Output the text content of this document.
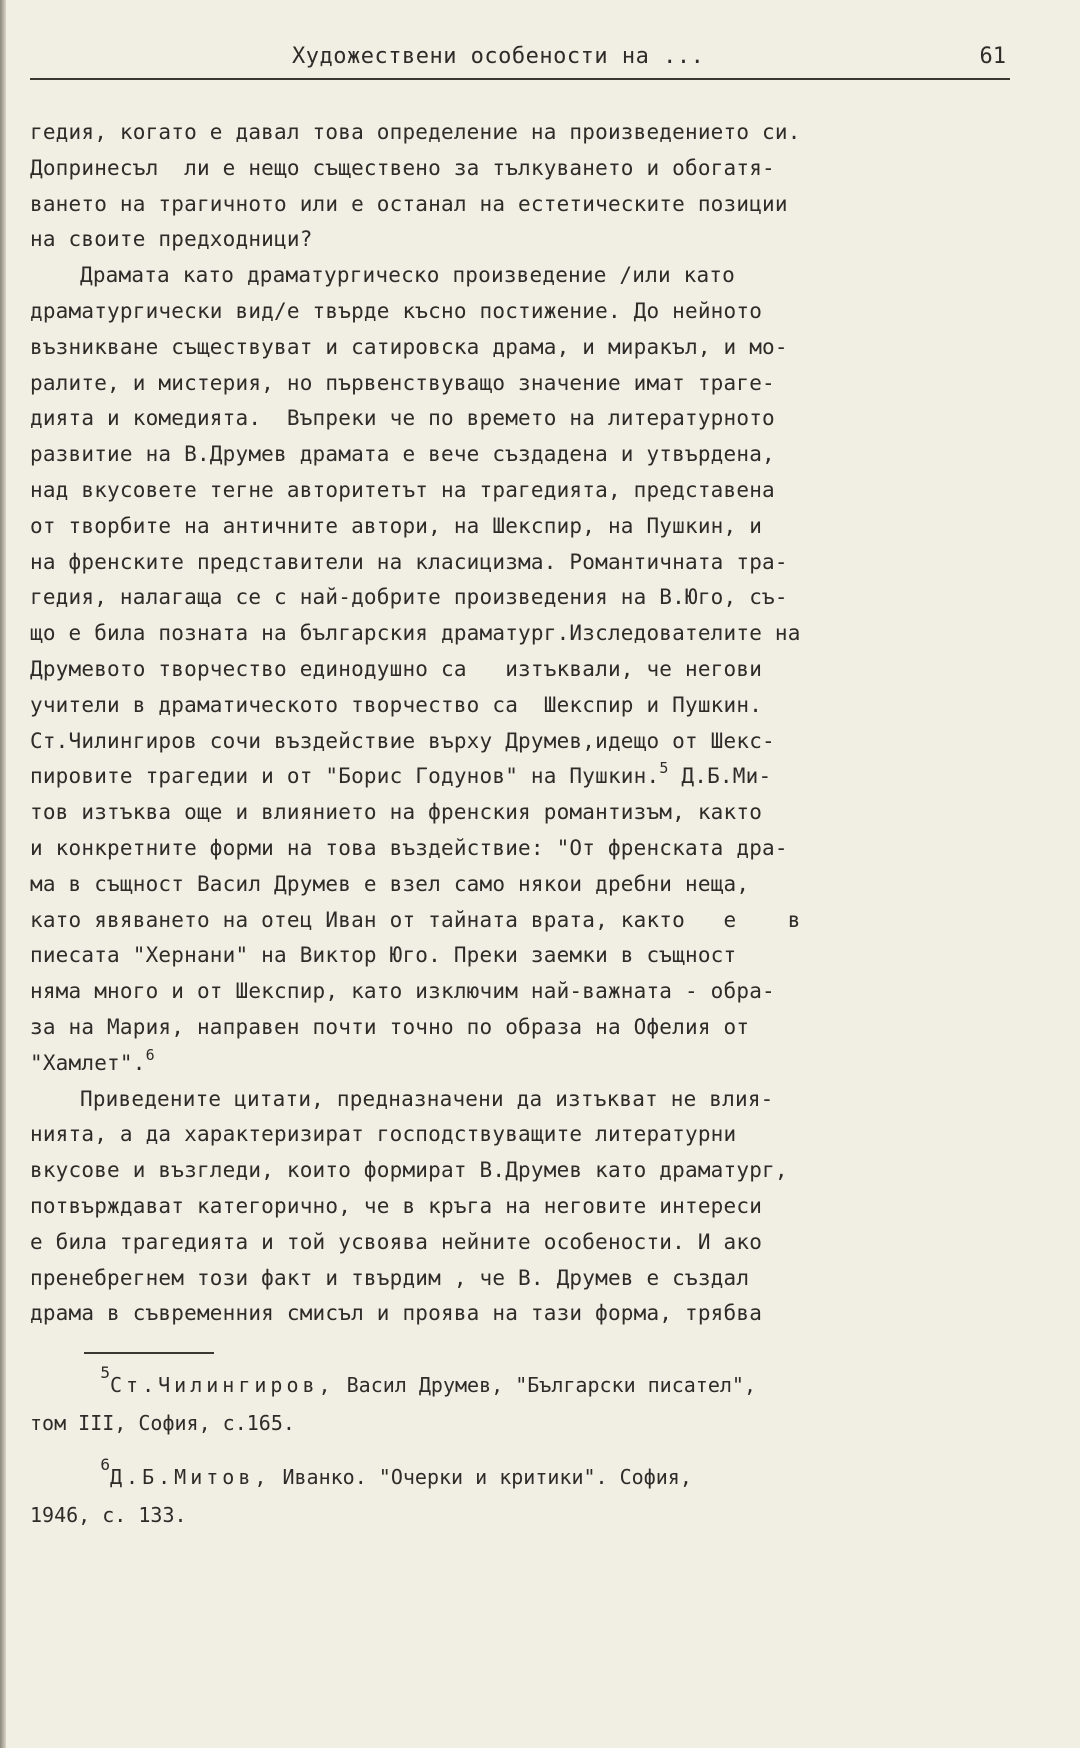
Художествени особености на ...	61
гедия, когато е давал това определение на произведението си.
Допринесъл  ли е нещо съществено за тълкуването и обогатя-
ването на трагичното или е останал на естетическите позиции
на своите предходници?
Драмата като драматургическо произведение /или като
драматургически вид/е твърде късно постижение. До нейното
възникване съществуват и сатировска драма, и миракъл, и мо-
ралите, и мистерия, но първенствуващо значение имат траге-
дията и комедията.  Въпреки че по времето на литературното
развитие на В.Друмев драмата е вече създадена и утвърдена,
над вкусовете тегне авторитетът на трагедията, представена
от творбите на античните автори, на Шекспир, на Пушкин, и
на френските представители на класицизма. Романтичната тра-
гедия, налагаща се с най-добрите произведения на В.Юго, съ-
що е била позната на българския драматург.Изследователите на
Друмевото творчество единодушно са   изтъквали, че негови
учители в драматическото творчество са  Шекспир и Пушкин.
Ст.Чилингиров сочи въздействие върху Друмев,идещо от Шекс-
пировите трагедии и от "Борис Годунов" на Пушкин.$^5$ Д.Б.Ми-
тов изтъква още и влиянието на френския романтизъм, както
и конкретните форми на това въздействие: "От френската дра-
ма в същност Васил Друмев е взел само някои дребни неща,
като явяването на отец Иван от тайната врата, както   е    в
пиесата "Хернани" на Виктор Юго. Преки заемки в същност
няма много и от Шекспир, като изключим най-важната - обра-
за на Мария, направен почти точно по образа на Офелия от
"Хамлет".$^6$
Приведените цитати, предназначени да изтъкват не влия-
нията, а да характеризират господствуващите литературни
вкусове и възгледи, които формират В.Друмев като драматург,
потвърждават категорично, че в кръга на неговите интереси
е била трагедията и той усвоява нейните особености. И ако
пренебрегнем този факт и твърдим , че В. Друмев е създал
драма в съвременния смисъл и проява на тази форма, трябва
5Ст.Чилингиров, Васил Друмев, "Български писател",
том III, София, с.165.
6Д.Б.Митов, Иванко. "Очерки и критики". София,
1946, с. 133.
